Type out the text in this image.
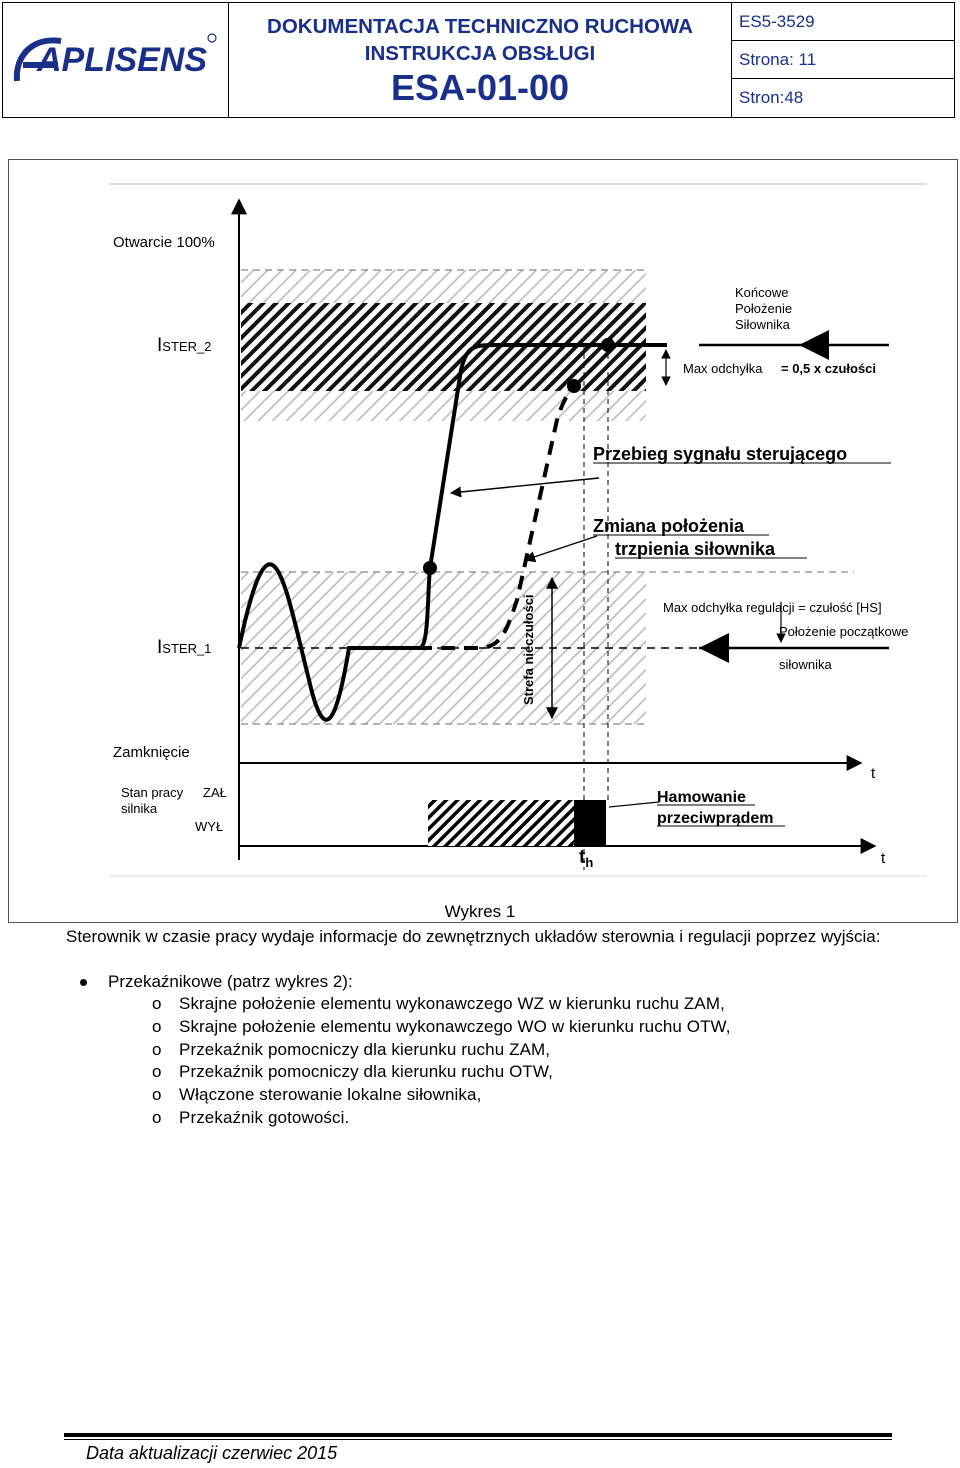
APLISENS
DOKUMENTACJA TECHNICZNO RUCHOWA
INSTRUKCJA OBSŁUGI
ESA-01-00
ES5-3529
Strona: 11
Stron:48
Strefa nieczułości
Otwarcie 100%
ISTER_2
ISTER_1
Zamknięcie
Stan pracy
silnika
ZAŁ
WYŁ
Końcowe
Położenie
Siłownika
Max odchyłka = 0,5 x czułości
Przebieg sygnału sterującego
Zmiana położenia
trzpienia siłownika
Max odchyłka regulacji = czułość [HS]
Położenie początkowe
siłownika
t
t
$t_h$
Hamowanie
przeciwprądem
Wykres 1
Sterownik w czasie pracy wydaje informacje do zewnętrznych układów sterownia i regulacji poprzez wyjścia:
Przekaźnikowe (patrz wykres 2):
o Skrajne położenie elementu wykonawczego WZ w kierunku ruchu ZAM,
o Skrajne położenie elementu wykonawczego WO w kierunku ruchu OTW,
o Przekaźnik pomocniczy dla kierunku ruchu ZAM,
o Przekaźnik pomocniczy dla kierunku ruchu OTW,
o Włączone sterowanie lokalne siłownika,
o Przekaźnik gotowości.
Data aktualizacji czerwiec 2015
